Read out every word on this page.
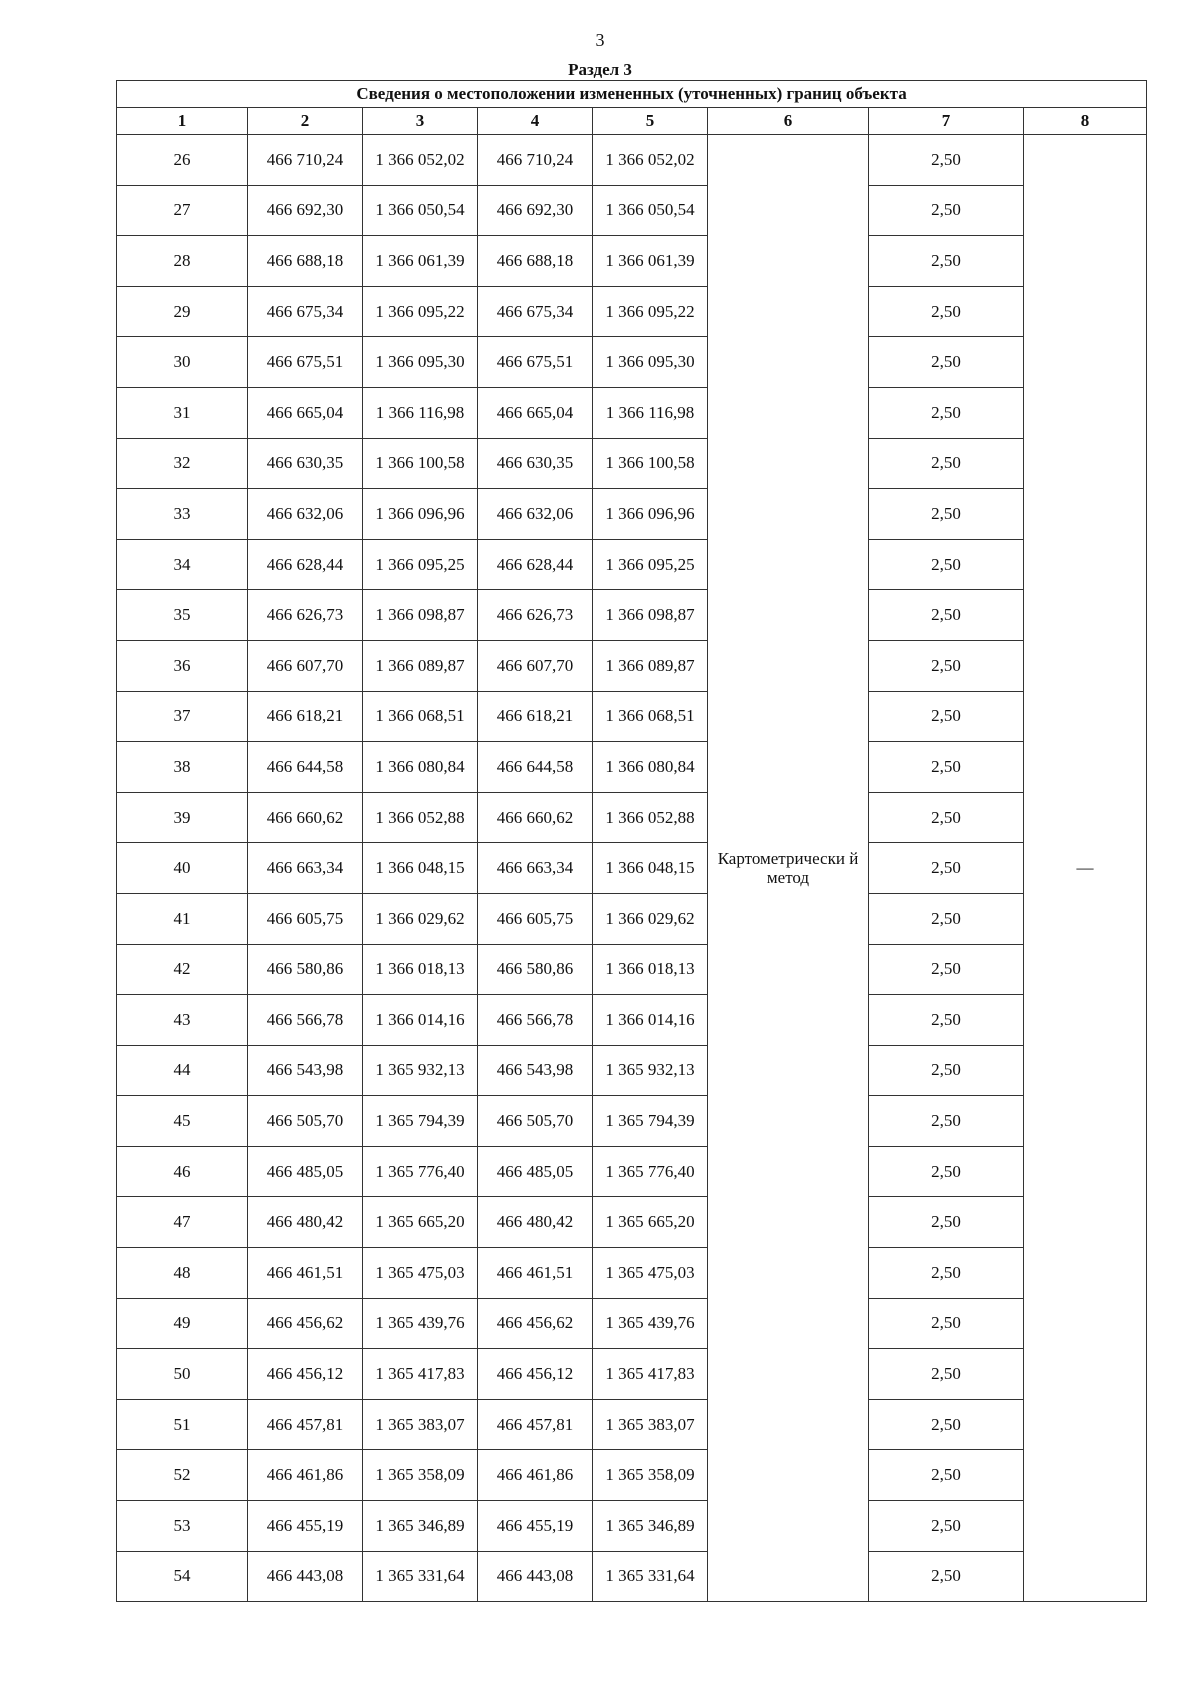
3
Раздел 3
Сведения о местоположении измененных (уточненных) границ объекта							
1	2	3	4	5	6	7	8
26	466 710,24	1 366 052,02	466 710,24	1 366 052,02	Картометрически й метод	2,50	—
27	466 692,30	1 366 050,54	466 692,30	1 366 050,54		2,50	
28	466 688,18	1 366 061,39	466 688,18	1 366 061,39		2,50	
29	466 675,34	1 366 095,22	466 675,34	1 366 095,22		2,50	
30	466 675,51	1 366 095,30	466 675,51	1 366 095,30		2,50	
31	466 665,04	1 366 116,98	466 665,04	1 366 116,98		2,50	
32	466 630,35	1 366 100,58	466 630,35	1 366 100,58		2,50	
33	466 632,06	1 366 096,96	466 632,06	1 366 096,96		2,50	
34	466 628,44	1 366 095,25	466 628,44	1 366 095,25		2,50	
35	466 626,73	1 366 098,87	466 626,73	1 366 098,87		2,50	
36	466 607,70	1 366 089,87	466 607,70	1 366 089,87		2,50	
37	466 618,21	1 366 068,51	466 618,21	1 366 068,51		2,50	
38	466 644,58	1 366 080,84	466 644,58	1 366 080,84		2,50	
39	466 660,62	1 366 052,88	466 660,62	1 366 052,88		2,50	
40	466 663,34	1 366 048,15	466 663,34	1 366 048,15		2,50	
41	466 605,75	1 366 029,62	466 605,75	1 366 029,62		2,50	
42	466 580,86	1 366 018,13	466 580,86	1 366 018,13		2,50	
43	466 566,78	1 366 014,16	466 566,78	1 366 014,16		2,50	
44	466 543,98	1 365 932,13	466 543,98	1 365 932,13		2,50	
45	466 505,70	1 365 794,39	466 505,70	1 365 794,39		2,50	
46	466 485,05	1 365 776,40	466 485,05	1 365 776,40		2,50	
47	466 480,42	1 365 665,20	466 480,42	1 365 665,20		2,50	
48	466 461,51	1 365 475,03	466 461,51	1 365 475,03		2,50	
49	466 456,62	1 365 439,76	466 456,62	1 365 439,76		2,50	
50	466 456,12	1 365 417,83	466 456,12	1 365 417,83		2,50	
51	466 457,81	1 365 383,07	466 457,81	1 365 383,07		2,50	
52	466 461,86	1 365 358,09	466 461,86	1 365 358,09		2,50	
53	466 455,19	1 365 346,89	466 455,19	1 365 346,89		2,50	
54	466 443,08	1 365 331,64	466 443,08	1 365 331,64		2,50	
